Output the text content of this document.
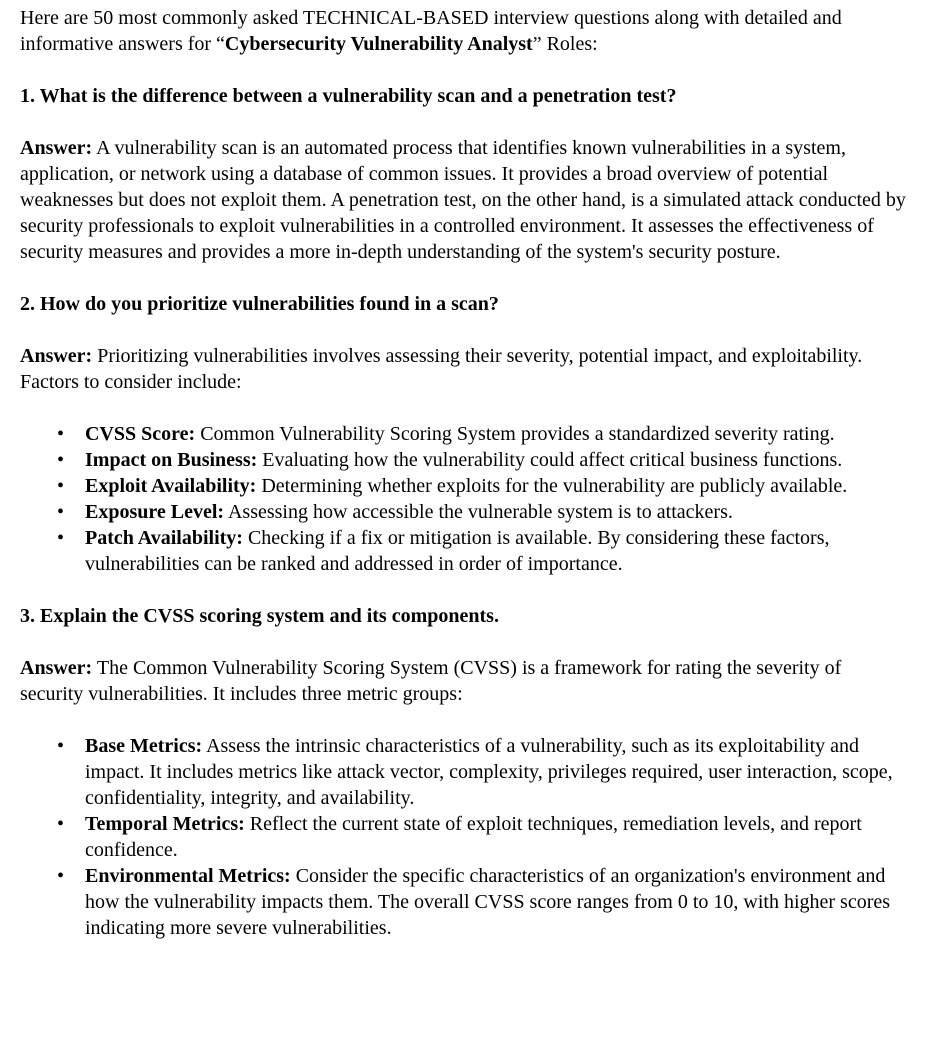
Here are 50 most commonly asked TECHNICAL-BASED interview questions along with detailed and informative answers for “Cybersecurity Vulnerability Analyst” Roles:

1. What is the difference between a vulnerability scan and a penetration test?

Answer: A vulnerability scan is an automated process that identifies known vulnerabilities in a system, application, or network using a database of common issues. It provides a broad overview of potential weaknesses but does not exploit them. A penetration test, on the other hand, is a simulated attack conducted by security professionals to exploit vulnerabilities in a controlled environment. It assesses the effectiveness of security measures and provides a more in-depth understanding of the system's security posture.

2. How do you prioritize vulnerabilities found in a scan?

Answer: Prioritizing vulnerabilities involves assessing their severity, potential impact, and exploitability. Factors to consider include:

• CVSS Score: Common Vulnerability Scoring System provides a standardized severity rating.
• Impact on Business: Evaluating how the vulnerability could affect critical business functions.
• Exploit Availability: Determining whether exploits for the vulnerability are publicly available.
• Exposure Level: Assessing how accessible the vulnerable system is to attackers.
• Patch Availability: Checking if a fix or mitigation is available. By considering these factors, vulnerabilities can be ranked and addressed in order of importance.
3. Explain the CVSS scoring system and its components.

Answer: The Common Vulnerability Scoring System (CVSS) is a framework for rating the severity of security vulnerabilities. It includes three metric groups:

• Base Metrics: Assess the intrinsic characteristics of a vulnerability, such as its exploitability and impact. It includes metrics like attack vector, complexity, privileges required, user interaction, scope, confidentiality, integrity, and availability.
• Temporal Metrics: Reflect the current state of exploit techniques, remediation levels, and report confidence.
• Environmental Metrics: Consider the specific characteristics of an organization's environment and how the vulnerability impacts them. The overall CVSS score ranges from 0 to 10, with higher scores indicating more severe vulnerabilities.
